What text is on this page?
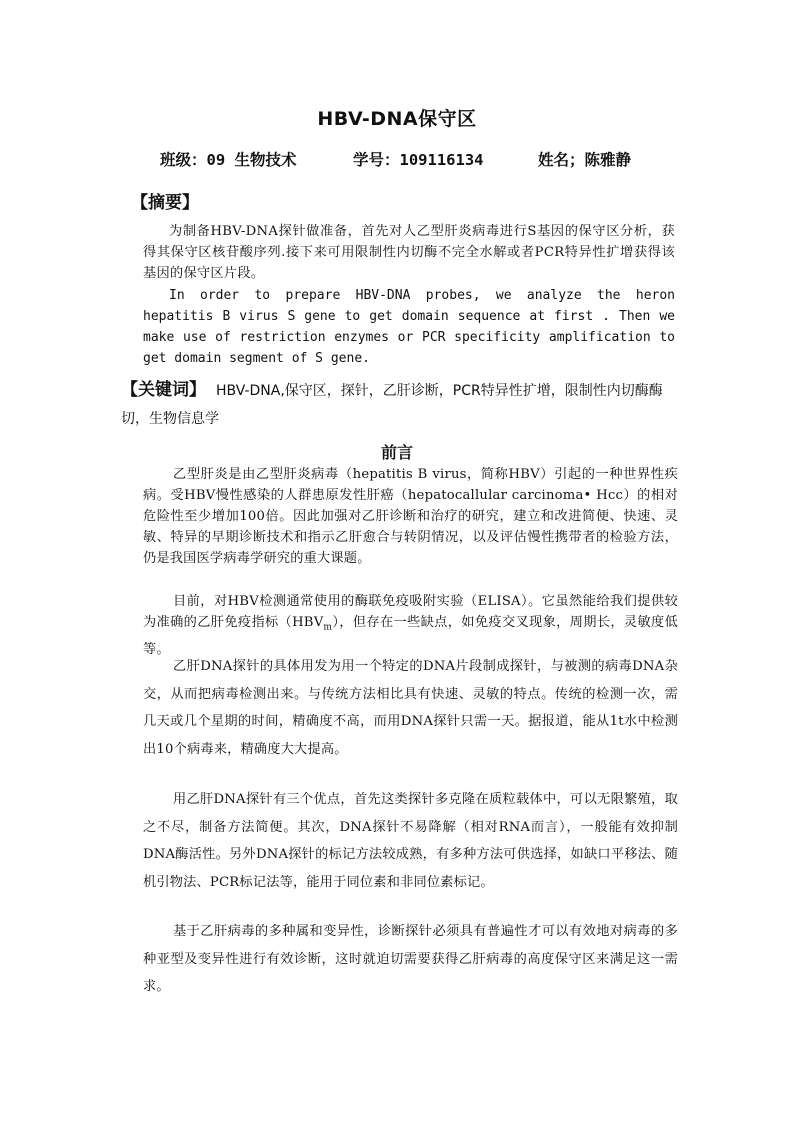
HBV-DNA保守区

班级：09 生物技术

	学号：109116134

	姓名；陈雅静

【摘要】
为制备HBV-DNA探针做准备，首先对人乙型肝炎病毒进行S基因的保守区分析，获得其保守区核苷酸序列.接下来可用限制性内切酶不完全水解或者PCR特异性扩增获得该基因的保守区片段。
In order to prepare HBV-DNA probes, we analyze the heron hepatitis B virus S gene to get domain sequence at first . Then we make use of restriction enzymes or PCR specificity amplification to get domain segment of S gene.
【关键词】 HBV-DNA,保守区，探针，乙肝诊断，PCR特异性扩增，限制性内切酶酶切，生物信息学
前言
乙型肝炎是由乙型肝炎病毒（hepatitis B virus，简称HBV）引起的一种世界性疾病。受HBV慢性感染的人群患原发性肝癌（hepatocallular carcinoma• Hcc）的相对危险性至少增加100倍。因此加强对乙肝诊断和治疗的研究，建立和改进简便、快速、灵敏、特异的早期诊断技术和指示乙肝愈合与转阴情况，以及评估慢性携带者的检验方法，仍是我国医学病毒学研究的重大课题。
目前，对HBV检测通常使用的酶联免疫吸附实验（ELISA）。它虽然能给我们提供较为准确的乙肝免疫指标$(HBV_m)$，但存在一些缺点，如免疫交叉现象，周期长，灵敏度低等。
乙肝DNA探针的具体用发为用一个特定的DNA片段制成探针，与被测的病毒DNA杂交，从而把病毒检测出来。与传统方法相比具有快速、灵敏的特点。传统的检测一次，需几天或几个星期的时间，精确度不高，而用DNA探针只需一天。据报道，能从1t水中检测出10个病毒来，精确度大大提高。
用乙肝DNA探针有三个优点，首先这类探针多克隆在质粒载体中，可以无限繁殖，取之不尽，制备方法简便。其次，DNA探针不易降解（相对RNA而言），一般能有效抑制DNA酶活性。另外DNA探针的标记方法较成熟，有多种方法可供选择，如缺口平移法、随机引物法、PCR标记法等，能用于同位素和非同位素标记。
基于乙肝病毒的多种属和变异性，诊断探针必须具有普遍性才可以有效地对病毒的多种亚型及变异性进行有效诊断，这时就迫切需要获得乙肝病毒的高度保守区来满足这一需求。
